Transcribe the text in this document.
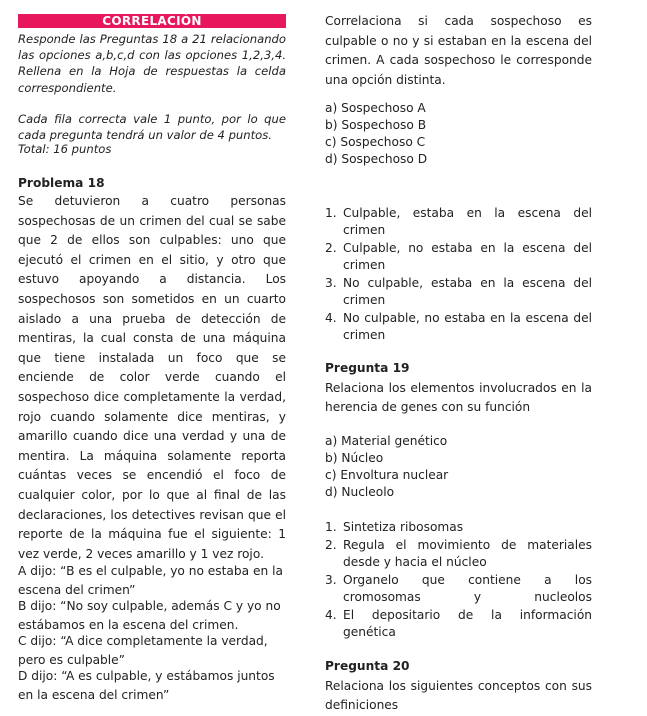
CORRELACIÓN
Responde las Preguntas 18 a 21 relacionando las opciones a,b,c,d con las opciones 1,2,3,4. Rellena en la Hoja de respuestas la celda correspondiente.
Cada fila correcta vale 1 punto, por lo que cada pregunta tendrá un valor de 4 puntos.
Total: 16 puntos
Problema 18
Se detuvieron a cuatro personas sospechosas de un crimen del cual se sabe que 2 de ellos son culpables: uno que ejecutó el crimen en el sitio, y otro que estuvo apoyando a distancia. Los sospechosos son sometidos en un cuarto aislado a una prueba de detección de mentiras, la cual consta de una máquina que tiene instalada un foco que se enciende de color verde cuando el sospechoso dice completamente la verdad, rojo cuando solamente dice mentiras, y amarillo cuando dice una verdad y una de mentira. La máquina solamente reporta cuántas veces se encendió el foco de cualquier color, por lo que al final de las declaraciones, los detectives revisan que el reporte de la máquina fue el siguiente: 1 vez verde, 2 veces amarillo y 1 vez rojo.
A dijo: “B es el culpable, yo no estaba en la escena del crimen”
B dijo: “No soy culpable, además C y yo no estábamos en la escena del crimen.
C dijo: “A dice completamente la verdad, pero es culpable”
D dijo: “A es culpable, y estábamos juntos en la escena del crimen”
Correlaciona si cada sospechoso es culpable o no y si estaban en la escena del crimen. A cada sospechoso le corresponde una opción distinta.
a) Sospechoso A
b) Sospechoso B
c) Sospechoso C
d) Sospechoso D
1. Culpable, estaba en la escena del crimen
2. Culpable, no estaba en la escena del crimen
3. No culpable, estaba en la escena del crimen
4. No culpable, no estaba en la escena del crimen
Pregunta 19
Relaciona los elementos involucrados en la herencia de genes con su función
a) Material genético
b) Núcleo
c) Envoltura nuclear
d) Nucleolo
1. Sintetiza ribosomas
2. Regula el movimiento de materiales desde y hacia el núcleo
3. Organelo que contiene a los cromosomas y nucleolos
4. El depositario de la información genética
Pregunta 20
Relaciona los siguientes conceptos con sus definiciones
